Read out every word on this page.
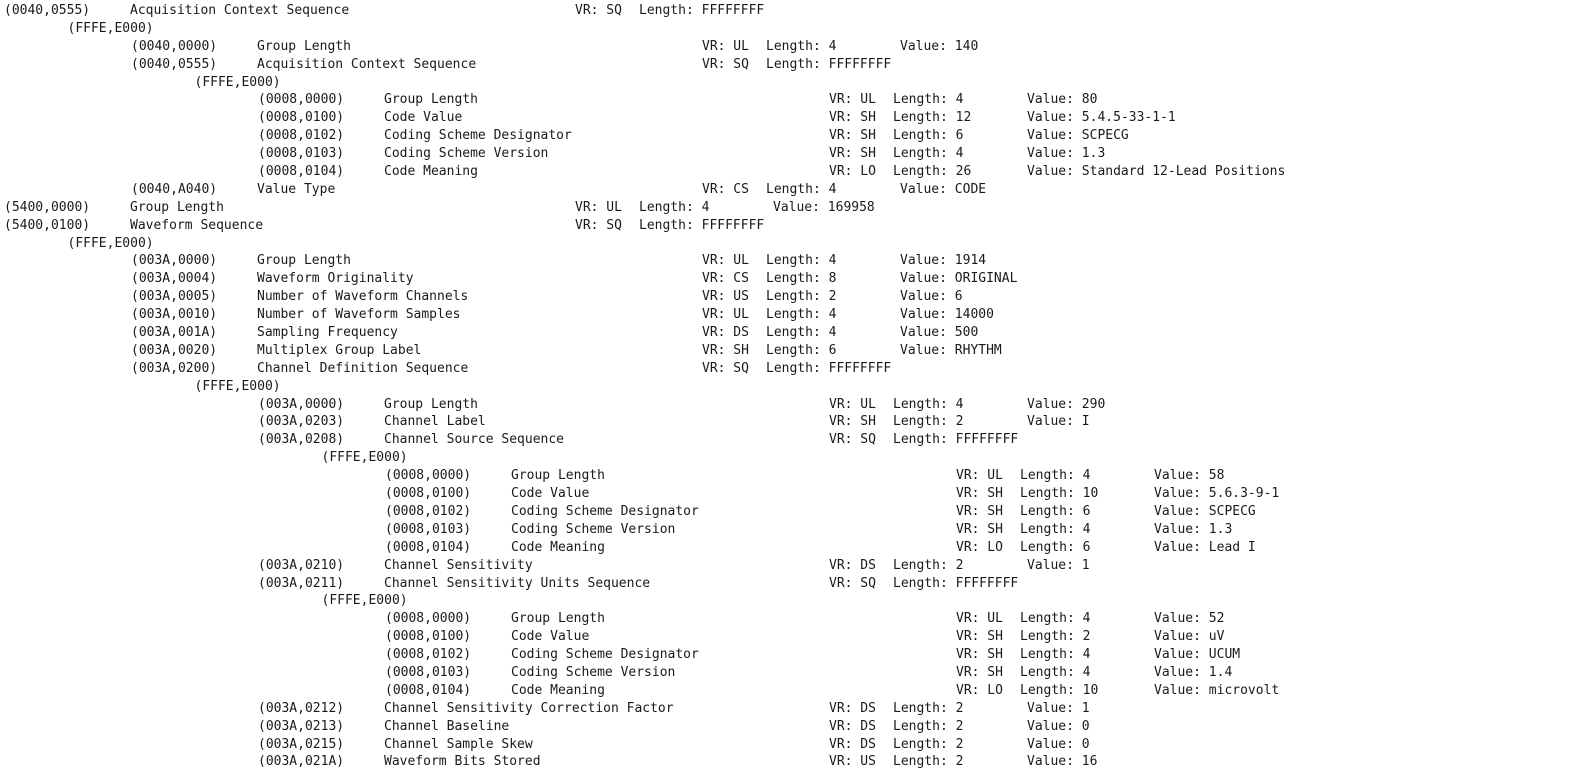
(0040,0555)	Acquisition Context Sequence	VR: SQ Length: FFFFFFFF
(FFFE,E000)
(0040,0000)	Group Length	VR: UL Length: 4	Value: 140
(0040,0555)	Acquisition Context Sequence	VR: SQ Length: FFFFFFFF
(FFFE,E000)
(0008,0000)	Group Length	VR: UL Length: 4	Value: 80
(0008,0100)	Code Value	VR: SH Length: 12	Value: 5.4.5-33-1-1
(0008,0102)	Coding Scheme Designator	VR: SH Length: 6	Value: SCPECG
(0008,0103)	Coding Scheme Version	VR: SH Length: 4	Value: 1.3
(0008,0104)	Code Meaning	VR: LO Length: 26	Value: Standard 12-Lead Positions
(0040,A040)	Value Type	VR: CS Length: 4	Value: CODE
(5400,0000)	Group Length	VR: UL Length: 4	Value: 169958
(5400,0100)	Waveform Sequence	VR: SQ Length: FFFFFFFF
(FFFE,E000)
(003A,0000)	Group Length	VR: UL Length: 4	Value: 1914
(003A,0004)	Waveform Originality	VR: CS Length: 8	Value: ORIGINAL
(003A,0005)	Number of Waveform Channels	VR: US Length: 2	Value: 6
(003A,0010)	Number of Waveform Samples	VR: UL Length: 4	Value: 14000
(003A,001A)	Sampling Frequency	VR: DS Length: 4	Value: 500
(003A,0020)	Multiplex Group Label	VR: SH Length: 6	Value: RHYTHM
(003A,0200)	Channel Definition Sequence	VR: SQ Length: FFFFFFFF
(FFFE,E000)
(003A,0000)	Group Length	VR: UL Length: 4	Value: 290
(003A,0203)	Channel Label	VR: SH Length: 2	Value: I
(003A,0208)	Channel Source Sequence	VR: SQ Length: FFFFFFFF
(FFFE,E000)
(0008,0000)	Group Length	VR: UL Length: 4	Value: 58
(0008,0100)	Code Value	VR: SH Length: 10	Value: 5.6.3-9-1
(0008,0102)	Coding Scheme Designator	VR: SH Length: 6	Value: SCPECG
(0008,0103)	Coding Scheme Version	VR: SH Length: 4	Value: 1.3
(0008,0104)	Code Meaning	VR: LO Length: 6	Value: Lead I
(003A,0210)	Channel Sensitivity	VR: DS Length: 2	Value: 1
(003A,0211)	Channel Sensitivity Units Sequence	VR: SQ Length: FFFFFFFF
(FFFE,E000)
(0008,0000)	Group Length	VR: UL Length: 4	Value: 52
(0008,0100)	Code Value	VR: SH Length: 2	Value: uV
(0008,0102)	Coding Scheme Designator	VR: SH Length: 4	Value: UCUM
(0008,0103)	Coding Scheme Version	VR: SH Length: 4	Value: 1.4
(0008,0104)	Code Meaning	VR: LO Length: 10	Value: microvolt
(003A,0212)	Channel Sensitivity Correction Factor	VR: DS Length: 2	Value: 1
(003A,0213)	Channel Baseline	VR: DS Length: 2	Value: 0
(003A,0215)	Channel Sample Skew	VR: DS Length: 2	Value: 0
(003A,021A)	Waveform Bits Stored	VR: US Length: 2	Value: 16
